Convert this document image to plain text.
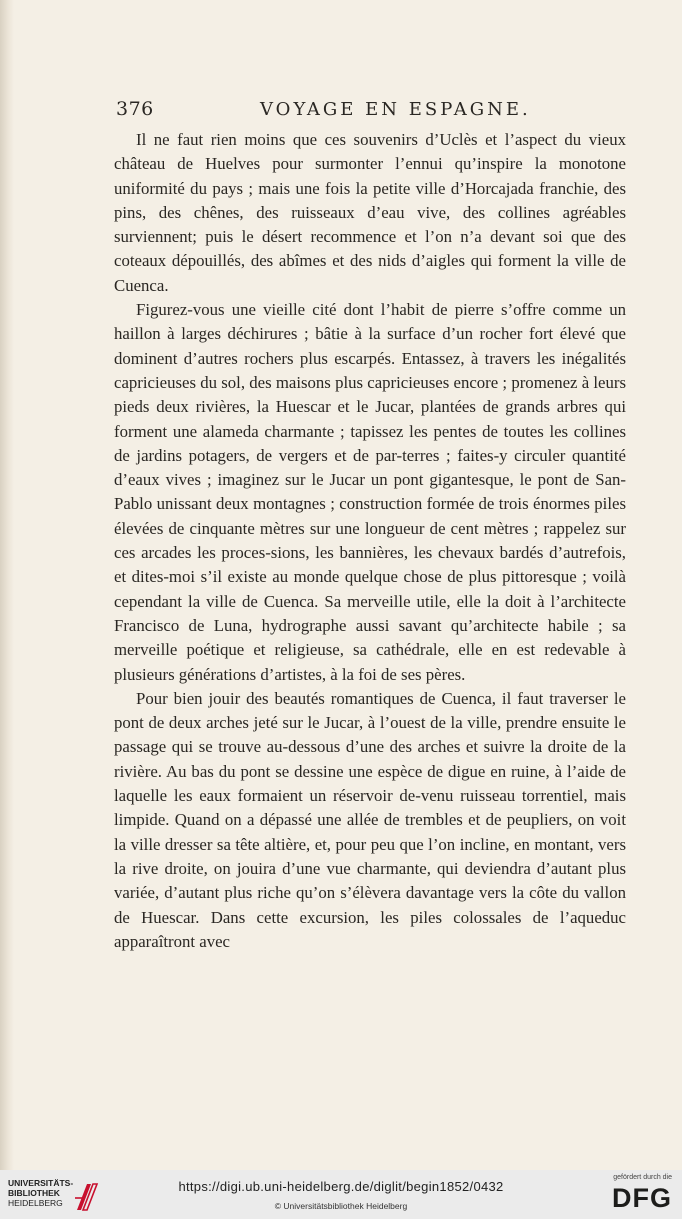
376	VOYAGE EN ESPAGNE.

Il ne faut rien moins que ces souvenirs d’Uclès et l’aspect du vieux château de Huelves pour surmonter l’ennui qu’inspire la monotone uniformité du pays ; mais une fois la petite ville d’Horcajada franchie, des pins, des chênes, des ruisseaux d’eau vive, des collines agréables surviennent; puis le désert recommence et l’on n’a devant soi que des coteaux dépouillés, des abîmes et des nids d’aigles qui forment la ville de Cuenca.

Figurez-vous une vieille cité dont l’habit de pierre s’offre comme un haillon à larges déchirures ; bâtie à la surface d’un rocher fort élevé que dominent d’autres rochers plus escarpés. Entassez, à travers les inégalités capricieuses du sol, des maisons plus capricieuses encore ; promenez à leurs pieds deux rivières, la Huescar et le Jucar, plantées de grands arbres qui forment une alameda charmante ; tapissez les pentes de toutes les collines de jardins potagers, de vergers et de par-terres ; faites-y circuler quantité d’eaux vives ; imaginez sur le Jucar un pont gigantesque, le pont de San-Pablo unissant deux montagnes ; construction formée de trois énormes piles élevées de cinquante mètres sur une longueur de cent mètres ; rappelez sur ces arcades les proces-sions, les bannières, les chevaux bardés d’autrefois, et dites-moi s’il existe au monde quelque chose de plus pittoresque ; voilà cependant la ville de Cuenca. Sa merveille utile, elle la doit à l’architecte Francisco de Luna, hydrographe aussi savant qu’architecte habile ; sa merveille poétique et religieuse, sa cathédrale, elle en est redevable à plusieurs générations d’artistes, à la foi de ses pères.

Pour bien jouir des beautés romantiques de Cuenca, il faut traverser le pont de deux arches jeté sur le Jucar, à l’ouest de la ville, prendre ensuite le passage qui se trouve au-dessous d’une des arches et suivre la droite de la rivière. Au bas du pont se dessine une espèce de digue en ruine, à l’aide de laquelle les eaux formaient un réservoir de-venu ruisseau torrentiel, mais limpide. Quand on a dépassé une allée de trembles et de peupliers, on voit la ville dresser sa tête altière, et, pour peu que l’on incline, en montant, vers la rive droite, on jouira d’une vue charmante, qui deviendra d’autant plus variée, d’autant plus riche qu’on s’élèvera davantage vers la côte du vallon de Huescar. Dans cette excursion, les piles colossales de l’aqueduc apparaîtront avec

UNIVERSITÄTS-
BIBLIOTHEK
HEIDELBERG
https://digi.ub.uni-heidelberg.de/diglit/begin1852/0432
© Universitätsbibliothek Heidelberg
gefördert durch die
DFG
